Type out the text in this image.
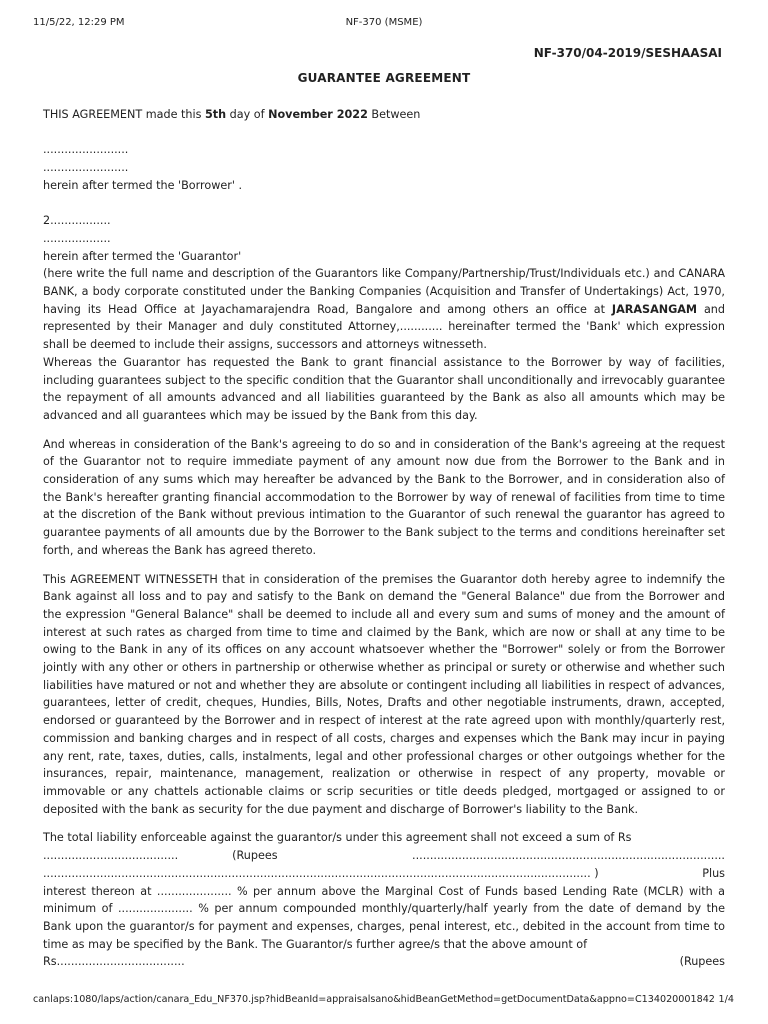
11/5/22, 12:29 PM	NF-370 (MSME)
NF-370/04-2019/SESHAASAI
GUARANTEE AGREEMENT

THIS AGREEMENT made this 5th day of November 2022 Between

........................

........................

herein after termed the 'Borrower' .

2.................

...................

herein after termed the 'Guarantor'

(here write the full name and description of the Guarantors like Company/Partnership/Trust/Individuals etc.) and CANARA BANK, a body corporate constituted under the Banking Companies (Acquisition and Transfer of Undertakings) Act, 1970, having its Head Office at Jayachamarajendra Road, Bangalore and among others an office at JARASANGAM and represented by their Manager and duly constituted Attorney,............ hereinafter termed the 'Bank' which expression shall be deemed to include their assigns, successors and attorneys witnesseth.

Whereas the Guarantor has requested the Bank to grant financial assistance to the Borrower by way of facilities, including guarantees subject to the specific condition that the Guarantor shall unconditionally and irrevocably guarantee the repayment of all amounts advanced and all liabilities guaranteed by the Bank as also all amounts which may be advanced and all guarantees which may be issued by the Bank from this day.

And whereas in consideration of the Bank's agreeing to do so and in consideration of the Bank's agreeing at the request of the Guarantor not to require immediate payment of any amount now due from the Borrower to the Bank and in consideration of any sums which may hereafter be advanced by the Bank to the Borrower, and in consideration also of the Bank's hereafter granting financial accommodation to the Borrower by way of renewal of facilities from time to time at the discretion of the Bank without previous intimation to the Guarantor of such renewal the guarantor has agreed to guarantee payments of all amounts due by the Borrower to the Bank subject to the terms and conditions hereinafter set forth, and whereas the Bank has agreed thereto.

This AGREEMENT WITNESSETH that in consideration of the premises the Guarantor doth hereby agree to indemnify the Bank against all loss and to pay and satisfy to the Bank on demand the "General Balance" due from the Borrower and the expression "General Balance" shall be deemed to include all and every sum and sums of money and the amount of interest at such rates as charged from time to time and claimed by the Bank, which are now or shall at any time to be owing to the Bank in any of its offices on any account whatsoever whether the "Borrower" solely or from the Borrower jointly with any other or others in partnership or otherwise whether as principal or surety or otherwise and whether such liabilities have matured or not and whether they are absolute or contingent including all liabilities in respect of advances, guarantees, letter of credit, cheques, Hundies, Bills, Notes, Drafts and other negotiable instruments, drawn, accepted, endorsed or guaranteed by the Borrower and in respect of interest at the rate agreed upon with monthly/quarterly rest, commission and banking charges and in respect of all costs, charges and expenses which the Bank may incur in paying any rent, rate, taxes, duties, calls, instalments, legal and other professional charges or other outgoings whether for the insurances, repair, maintenance, management, realization or otherwise in respect of any property, movable or immovable or any chattels actionable claims or scrip securities or title deeds pledged, mortgaged or assigned to or deposited with the bank as security for the due payment and discharge of Borrower's liability to the Bank.

The total liability enforceable against the guarantor/s under this agreement shall not exceed a sum of Rs

......................................	(Rupees	........................................................................................
.......................................................................................................................................................... )	Plus

interest thereon at ..................... % per annum above the Marginal Cost of Funds based Lending Rate (MCLR) with a minimum of ..................... % per annum compounded monthly/quarterly/half yearly from the date of demand by the Bank upon the guarantor/s for payment and expenses, charges, penal interest, etc., debited in the account from time to time as may be specified by the Bank. The Guarantor/s further agree/s that the above amount of

Rs....................................	(Rupees
canlaps:1080/laps/action/canara_Edu_NF370.jsp?hidBeanId=appraisalsano&hidBeanGetMethod=getDocumentData&appno=C134020001842 1/4
